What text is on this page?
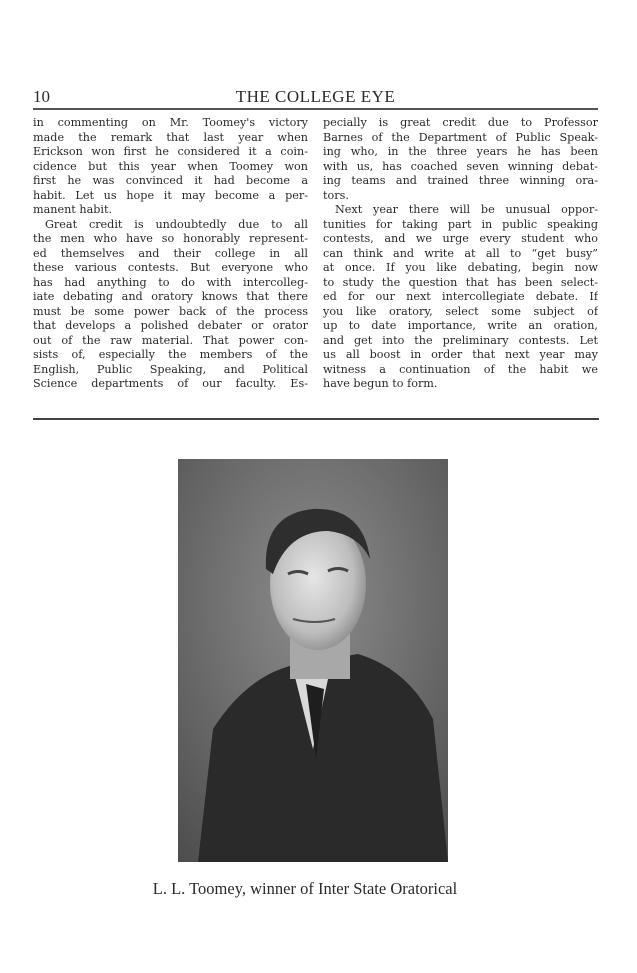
10	THE COLLEGE EYE
in commenting on Mr. Toomey's victory
made the remark that last year when
Erickson won first he considered it a coin-
cidence but this year when Toomey won
first he was convinced it had become a
habit. Let us hope it may become a per-
manent habit.
Great credit is undoubtedly due to all
the men who have so honorably represent-
ed themselves and their college in all
these various contests. But everyone who
has had anything to do with intercolleg-
iate debating and oratory knows that there
must be some power back of the process
that develops a polished debater or orator
out of the raw material. That power con-
sists of, especially the members of the
English, Public Speaking, and Political
Science departments of our faculty. Es-
pecially is great credit due to Professor
Barnes of the Department of Public Speak-
ing who, in the three years he has been
with us, has coached seven winning debat-
ing teams and trained three winning ora-
tors.
Next year there will be unusual oppor-
tunities for taking part in public speaking
contests, and we urge every student who
can think and write at all to “get busy”
at once. If you like debating, begin now
to study the question that has been select-
ed for our next intercollegiate debate. If
you like oratory, select some subject of
up to date importance, write an oration,
and get into the preliminary contests. Let
us all boost in order that next year may
witness a continuation of the habit we
have begun to form.
L. L. Toomey, winner of Inter State Oratorical
